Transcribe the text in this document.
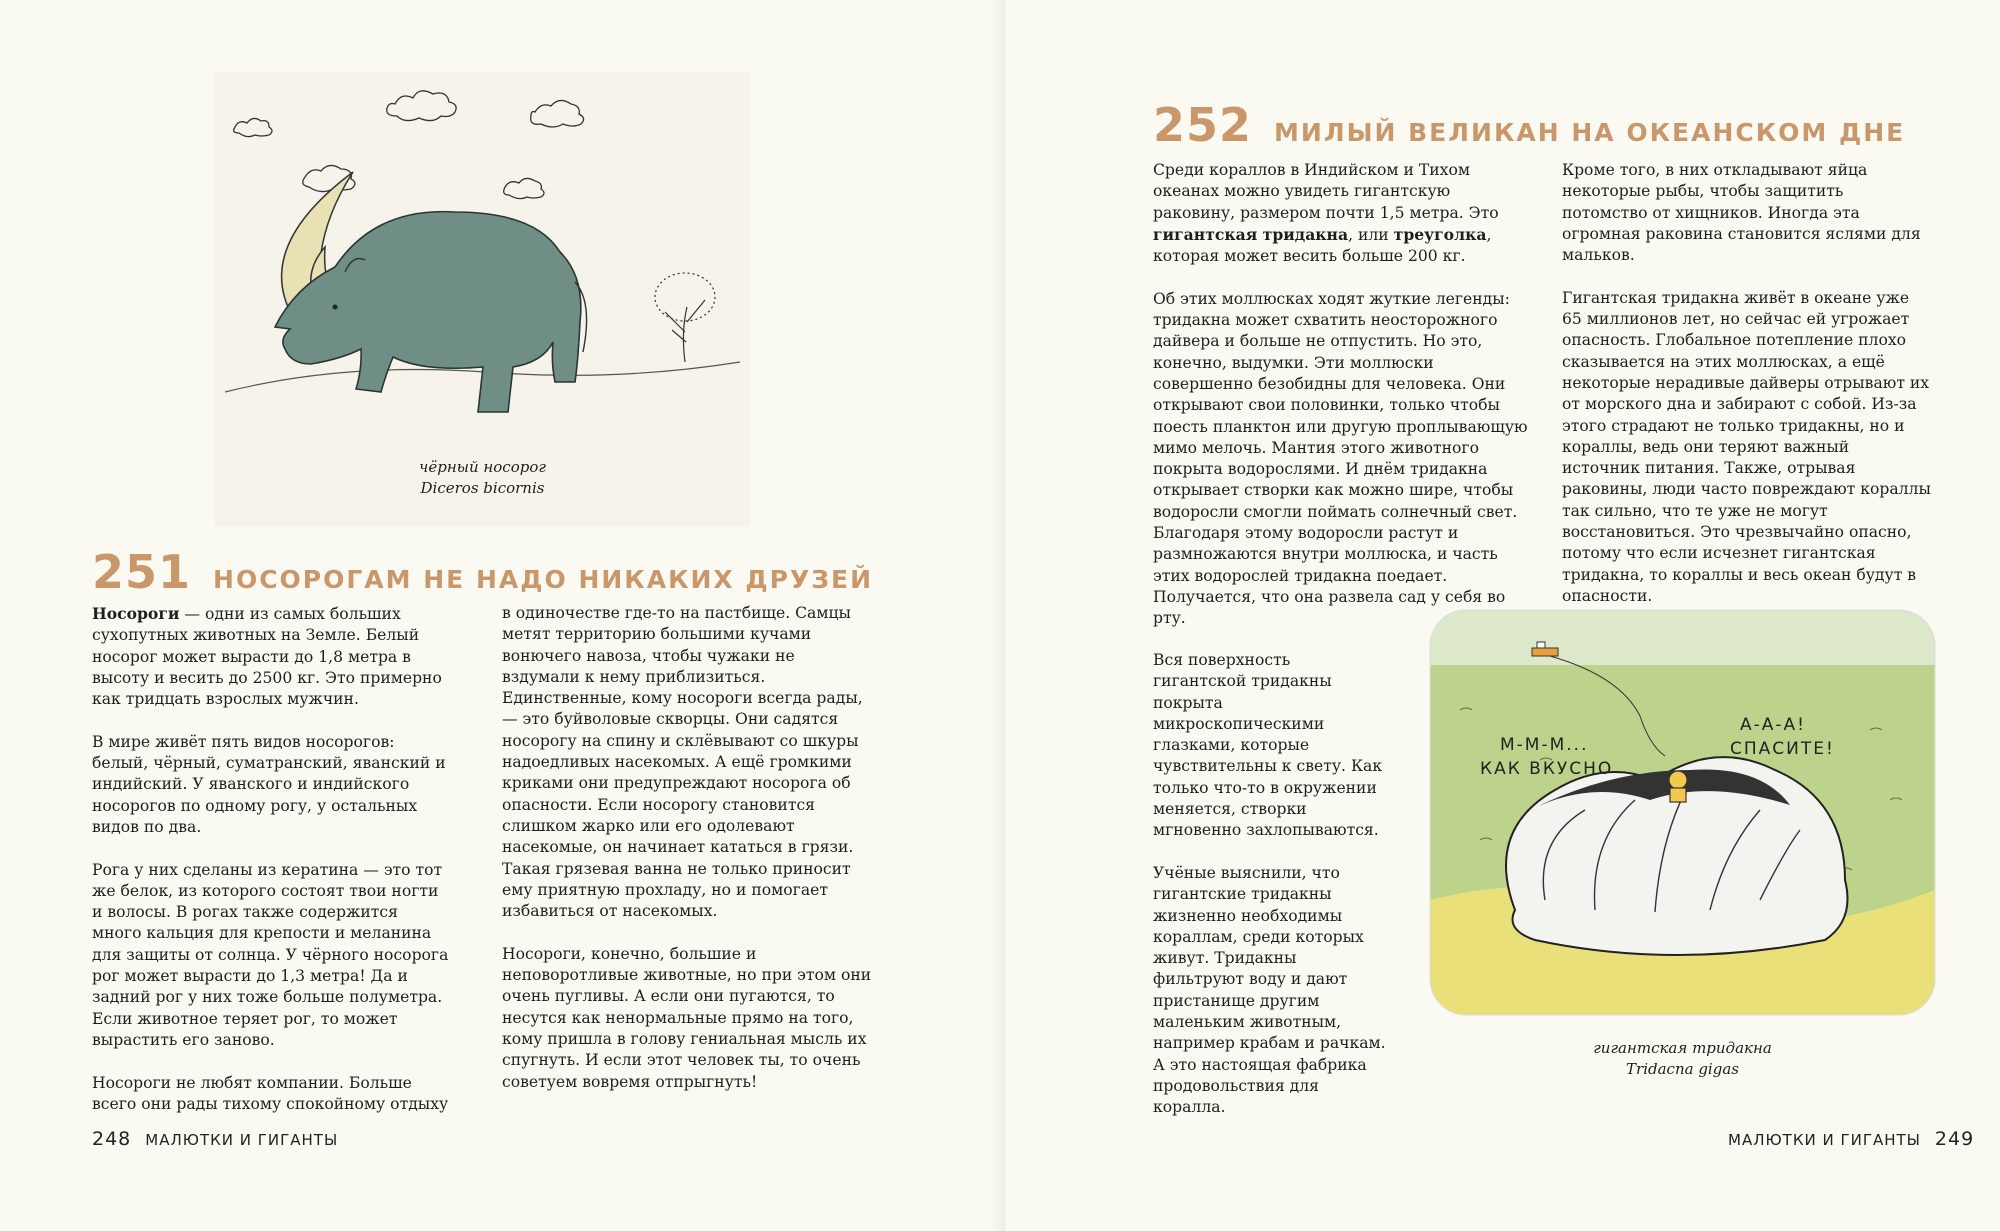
чёрный носорог
Diceros bicornis
251 НОСОРОГАМ НЕ НАДО НИКАКИХ ДРУЗЕЙ

Носороги — одни из самых больших сухопутных животных на Земле. Белый носорог может вырасти до 1,8 метра в высоту и весить до 2500 кг. Это примерно как тридцать взрослых мужчин.

В мире живёт пять видов носорогов: белый, чёрный, суматранский, яванский и индийский. У яванского и индийского носорогов по одному рогу, у остальных видов по два.

Рога у них сделаны из кератина — это тот же белок, из которого состоят твои ногти и волосы. В рогах также содержится много кальция для крепости и меланина для защиты от солнца. У чёрного носорога рог может вырасти до 1,3 метра! Да и задний рог у них тоже больше полуметра. Если животное теряет рог, то может вырастить его заново.

Носороги не любят компании. Больше всего они рады тихому спокойному отдыху

в одиночестве где-то на пастбище. Самцы метят территорию большими кучами вонючего навоза, чтобы чужаки не вздумали к нему приблизиться. Единственные, кому носороги всегда рады, — это буйволовые скворцы. Они садятся носорогу на спину и склёвывают со шкуры надоедливых насекомых. А ещё громкими криками они предупреждают носорога об опасности. Если носорогу становится слишком жарко или его одолевают насекомые, он начинает кататься в грязи. Такая грязевая ванна не только приносит ему приятную прохладу, но и помогает избавиться от насекомых.

Носороги, конечно, большие и неповоротливые животные, но при этом они очень пугливы. А если они пугаются, то несутся как ненормальные прямо на того, кому пришла в голову гениальная мысль их спугнуть. И если этот человек ты, то очень советуем вовремя отпрыгнуть!

248 МАЛЮТКИ И ГИГАНТЫ
252 МИЛЫЙ ВЕЛИКАН НА ОКЕАНСКОМ ДНЕ

Среди кораллов в Индийском и Тихом океанах можно увидеть гигантскую раковину, размером почти 1,5 метра. Это гигантская тридакна, или треуголка, которая может весить больше 200 кг.

Об этих моллюсках ходят жуткие легенды: тридакна может схватить неосторожного дайвера и больше не отпустить. Но это, конечно, выдумки. Эти моллюски совершенно безобидны для человека. Они открывают свои половинки, только чтобы поесть планктон или другую проплывающую мимо мелочь. Мантия этого животного покрыта водорослями. И днём тридакна открывает створки как можно шире, чтобы водоросли смогли поймать солнечный свет. Благодаря этому водоросли растут и размножаются внутри моллюска, и часть этих водорослей тридакна поедает. Получается, что она развела сад у себя во рту.

Вся поверхность гигантской тридакны покрыта микроскопическими глазками, которые чувствительны к свету. Как только что-то в окружении меняется, створки мгновенно захлопываются.

Учёные выяснили, что гигантские тридакны жизненно необходимы кораллам, среди которых живут. Тридакны фильтруют воду и дают пристанище другим маленьким животным, например крабам и рачкам. А это настоящая фабрика продовольствия для коралла.

Кроме того, в них откладывают яйца некоторые рыбы, чтобы защитить потомство от хищников. Иногда эта огромная раковина становится яслями для мальков.

Гигантская тридакна живёт в океане уже 65 миллионов лет, но сейчас ей угрожает опасность. Глобальное потепление плохо сказывается на этих моллюсках, а ещё некоторые нерадивые дайверы отрывают их от морского дна и забирают с собой. Из-за этого страдают не только тридакны, но и кораллы, ведь они теряют важный источник питания. Также, отрывая раковины, люди часто повреждают кораллы так сильно, что те уже не могут восстановиться. Это чрезвычайно опасно, потому что если исчезнет гигантская тридакна, то кораллы и весь океан будут в опасности.

М-М-М...
КАК ВКУСНО
А-А-А!
СПАСИТЕ!
гигантская тридакна
Tridacna gigas
МАЛЮТКИ И ГИГАНТЫ 249
